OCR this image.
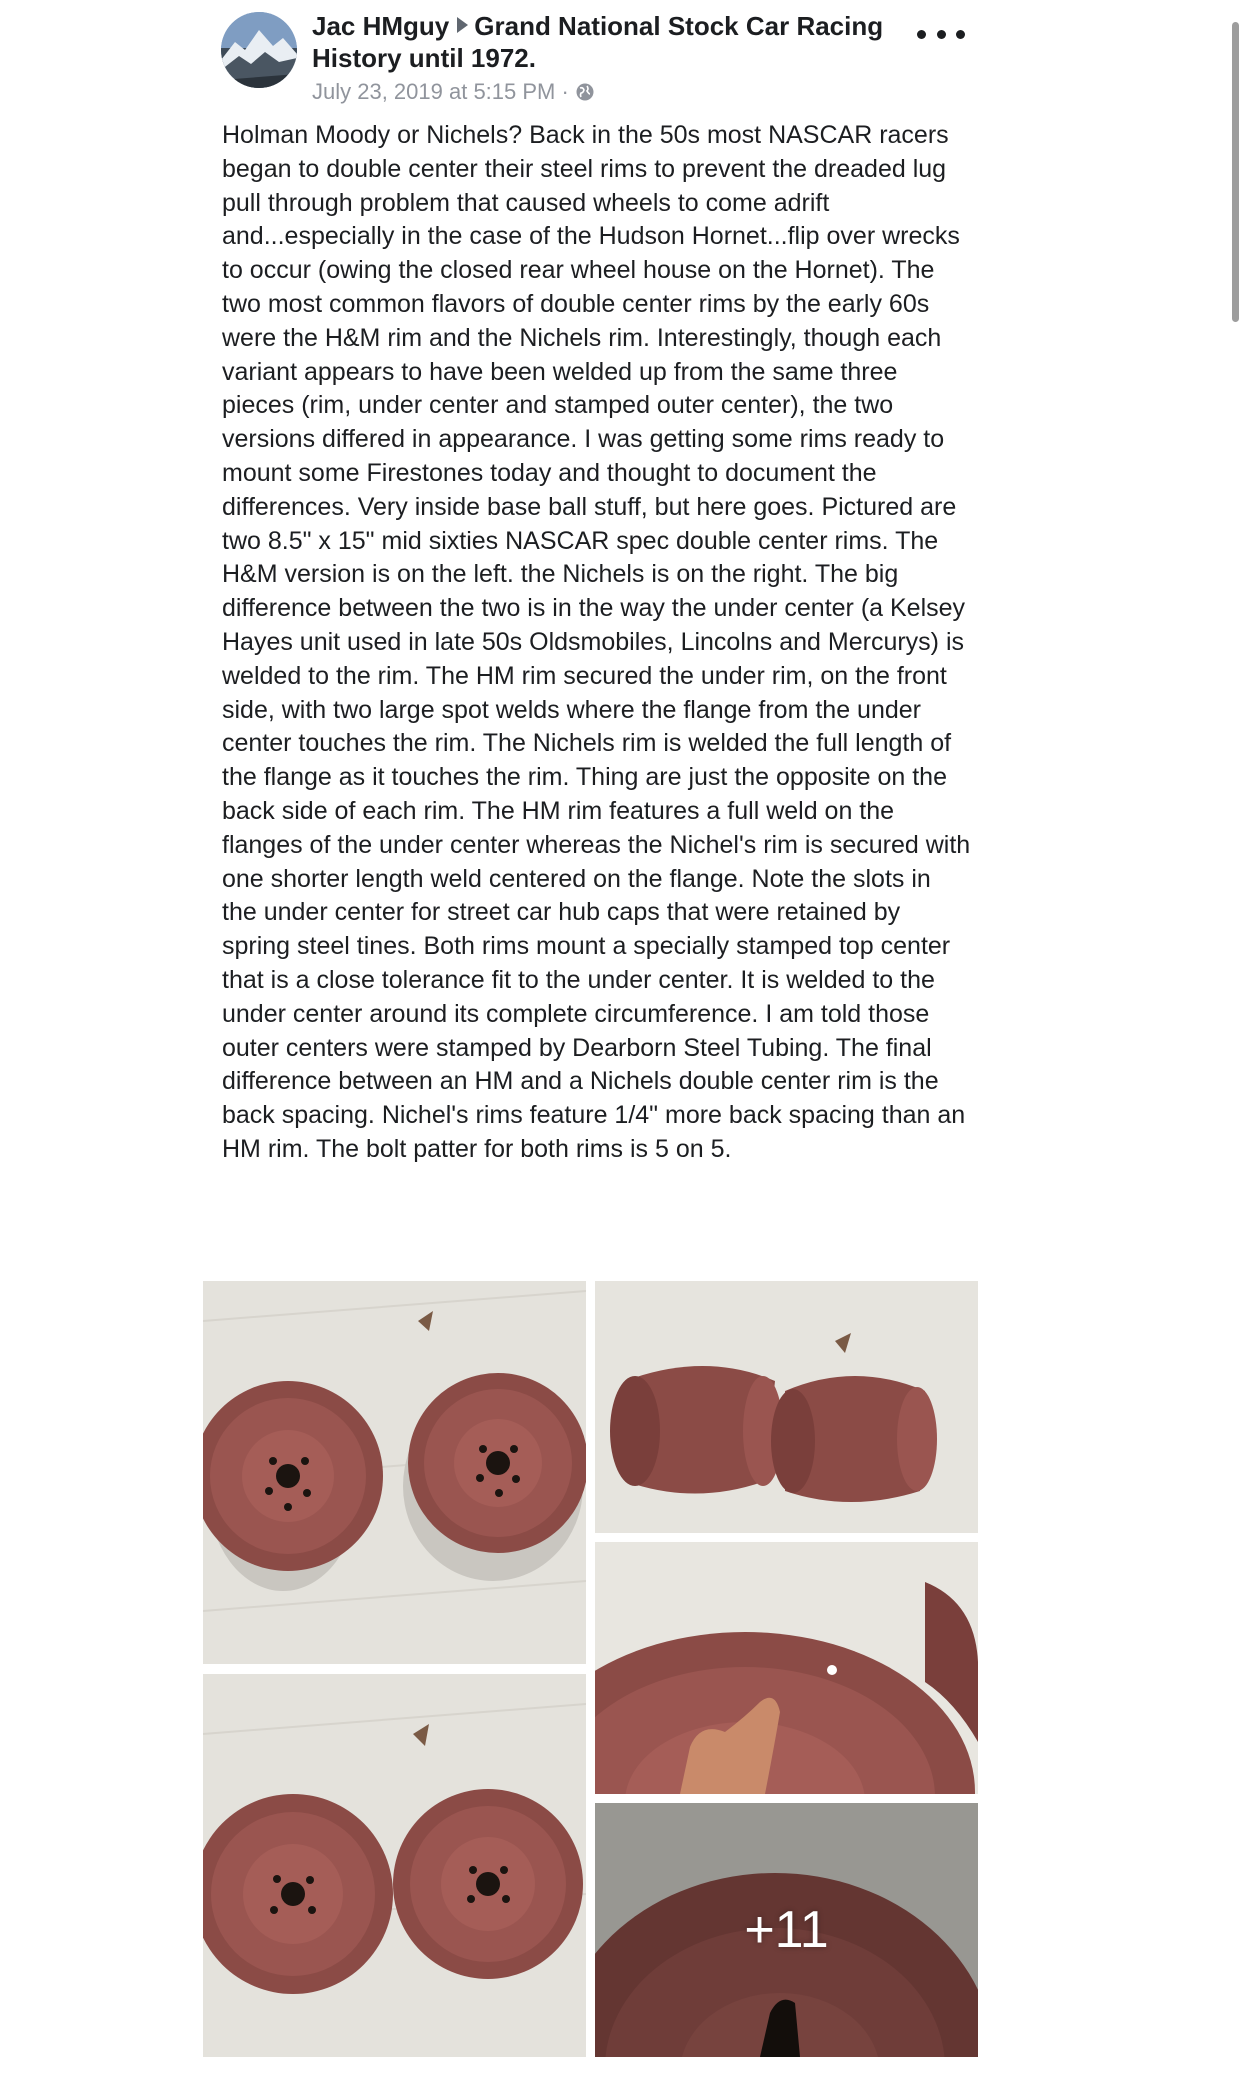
Jac HMguy Grand National Stock Car Racing History until 1972.
July 23, 2019 at 5:15 PM ·
Holman Moody or Nichels? Back in the 50s most NASCAR racers began to double center their steel rims to prevent the dreaded lug pull through problem that caused wheels to come adrift and...especially in the case of the Hudson Hornet...flip over wrecks to occur (owing the closed rear wheel house on the Hornet). The two most common flavors of double center rims by the early 60s were the H&M rim and the Nichels rim. Interestingly, though each variant appears to have been welded up from the same three pieces (rim, under center and stamped outer center), the two versions differed in appearance. I was getting some rims ready to mount some Firestones today and thought to document the differences. Very inside base ball stuff, but here goes. Pictured are two 8.5" x 15" mid sixties NASCAR spec double center rims. The H&M version is on the left. the Nichels is on the right. The big difference between the two is in the way the under center (a Kelsey Hayes unit used in late 50s Oldsmobiles, Lincolns and Mercurys) is welded to the rim. The HM rim secured the under rim, on the front side, with two large spot welds where the flange from the under center touches the rim. The Nichels rim is welded the full length of the flange as it touches the rim. Thing are just the opposite on the back side of each rim. The HM rim features a full weld on the flanges of the under center whereas the Nichel's rim is secured with one shorter length weld centered on the flange. Note the slots in the under center for street car hub caps that were retained by spring steel tines. Both rims mount a specially stamped top center that is a close tolerance fit to the under center. It is welded to the under center around its complete circumference. I am told those outer centers were stamped by Dearborn Steel Tubing. The final difference between an HM and a Nichels double center rim is the back spacing. Nichel's rims feature 1/4" more back spacing than an HM rim. The bolt patter for both rims is 5 on 5.
+11
